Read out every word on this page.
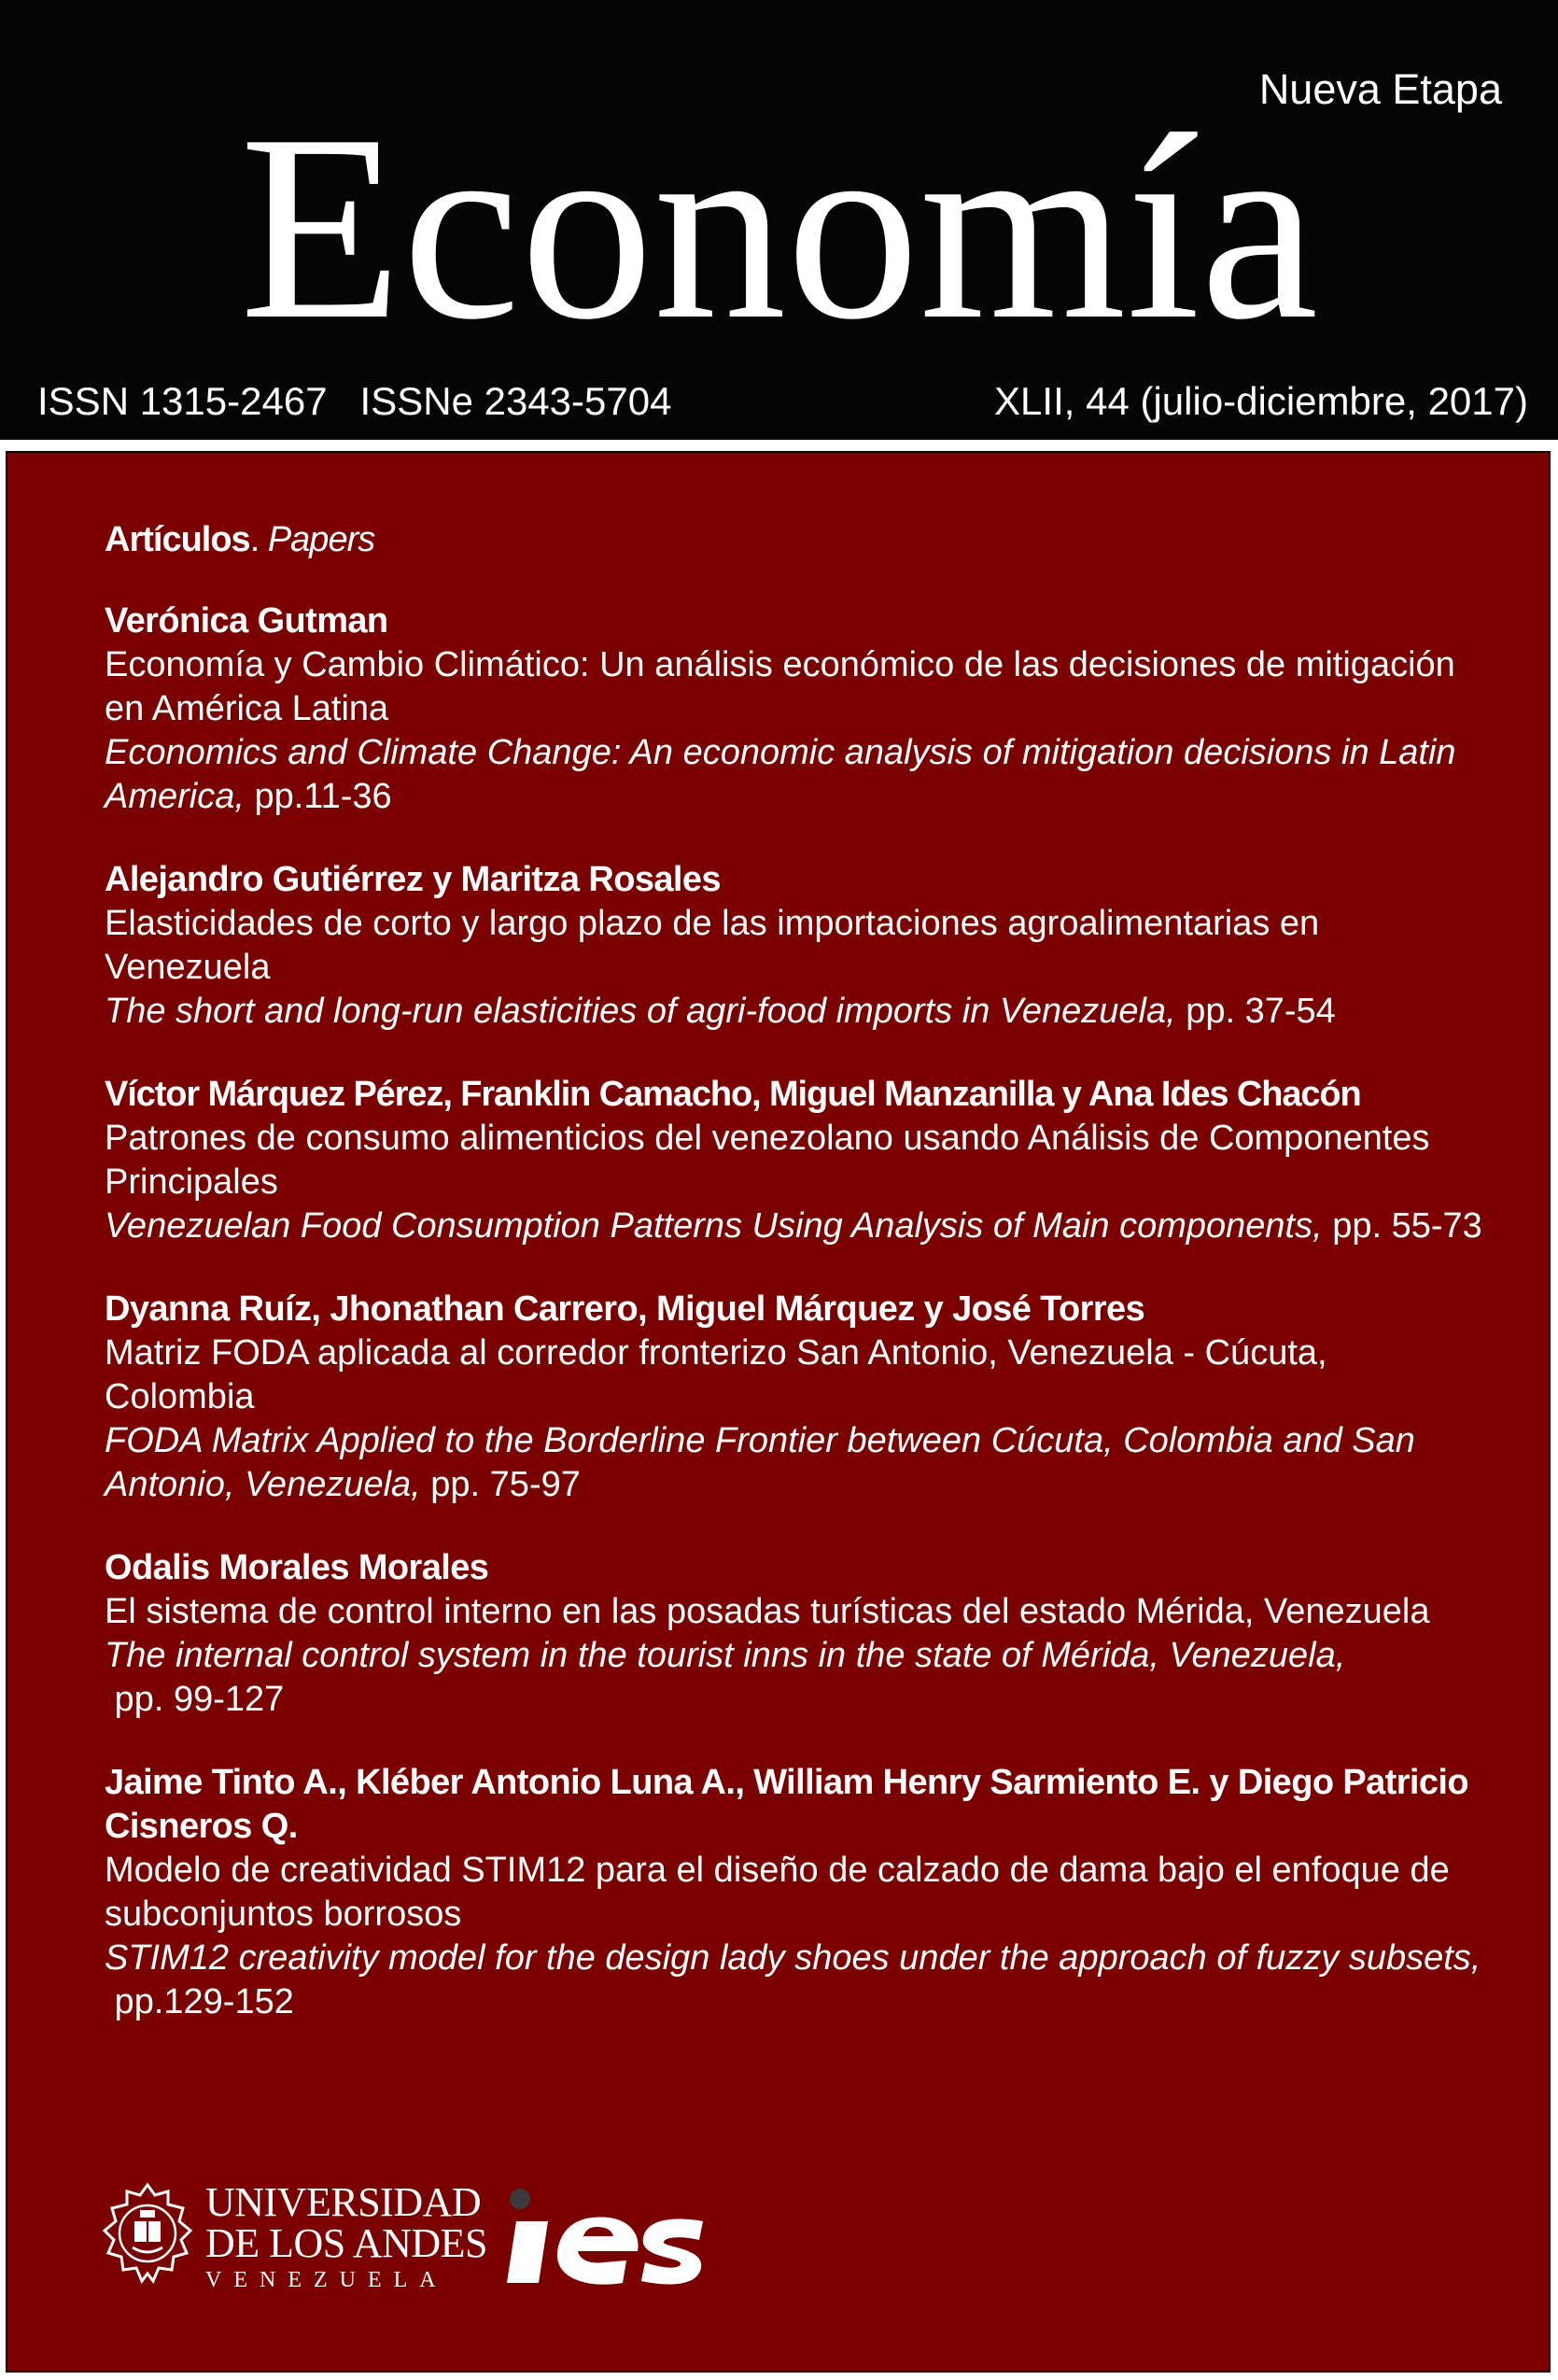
Nueva Etapa
Economía
ISSN 1315-2467   ISSNe 2343-5704	XLII, 44 (julio-diciembre, 2017)
Artículos. Papers
Verónica Gutman
Economía y Cambio Climático: Un análisis económico de las decisiones de mitigación en América Latina
Economics and Climate Change: An economic analysis of mitigation decisions in Latin America, pp.11-36
Alejandro Gutiérrez y Maritza Rosales
Elasticidades de corto y largo plazo de las importaciones agroalimentarias en Venezuela
The short and long-run elasticities of agri-food imports in Venezuela, pp. 37-54
Víctor Márquez Pérez, Franklin Camacho, Miguel Manzanilla y Ana Ides Chacón
Patrones de consumo alimenticios del venezolano usando Análisis de Componentes Principales
Venezuelan Food Consumption Patterns Using Analysis of Main components, pp. 55-73
Dyanna Ruíz, Jhonathan Carrero, Miguel Márquez y José Torres
Matriz FODA aplicada al corredor fronterizo San Antonio, Venezuela - Cúcuta, Colombia
FODA Matrix Applied to the Borderline Frontier between Cúcuta, Colombia and San Antonio, Venezuela, pp. 75-97
Odalis Morales Morales
El sistema de control interno en las posadas turísticas del estado Mérida, Venezuela
The internal control system in the tourist inns in the state of Mérida, Venezuela, pp. 99-127
Jaime Tinto A., Kléber Antonio Luna A., William Henry Sarmiento E. y Diego Patricio Cisneros Q.
Modelo de creatividad STIM12 para el diseño de calzado de dama bajo el enfoque de subconjuntos borrosos
STIM12 creativity model for the design lady shoes under the approach of fuzzy subsets, pp.129-152
UNIVERSIDAD
DE LOS ANDES
VENEZUELA
